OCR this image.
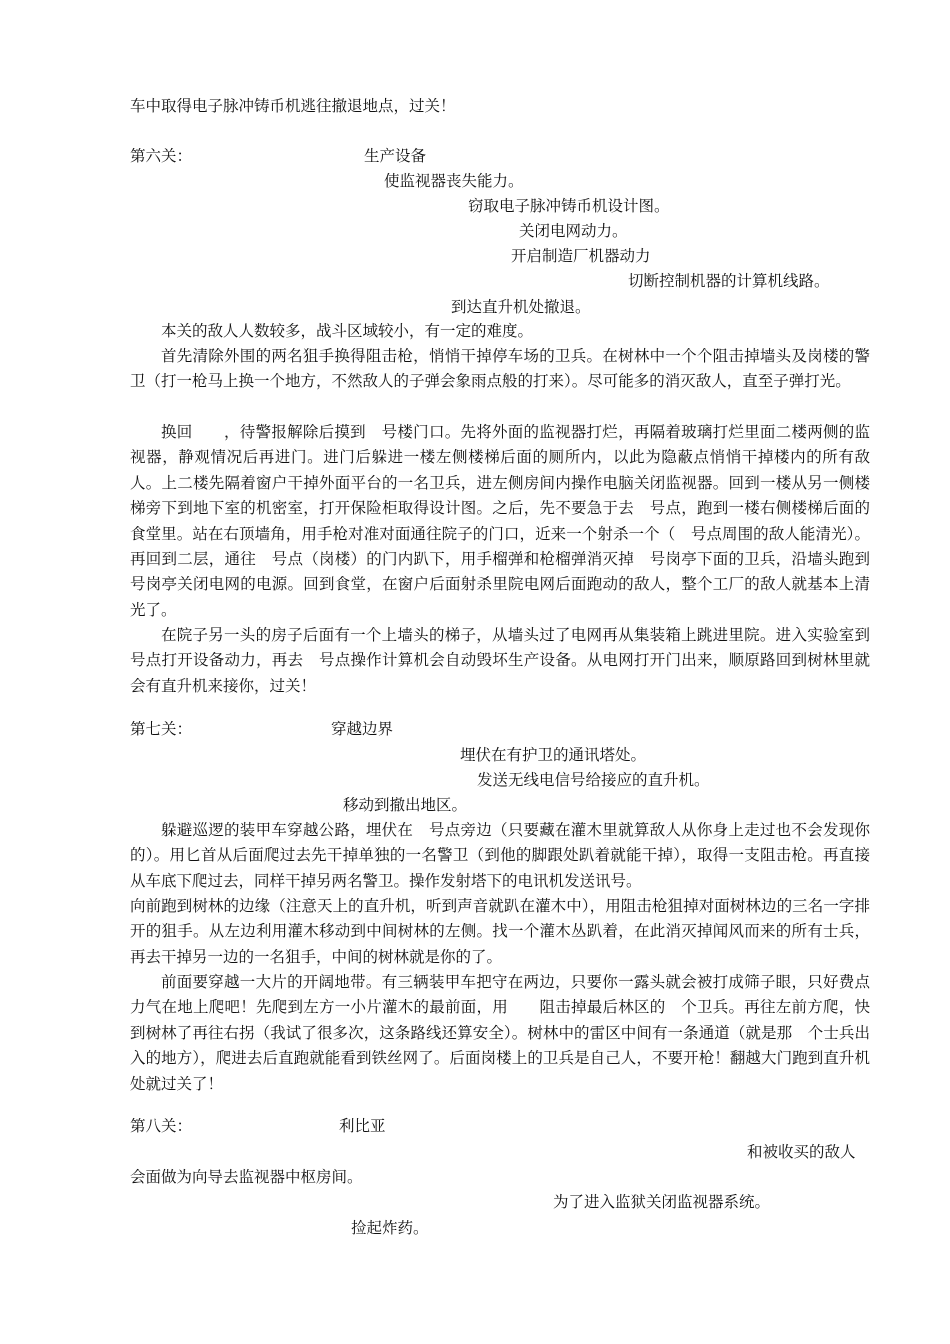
车中取得电子脉冲铸币机逃往撤退地点，过关！
第六关：	生产设备
使监视器丧失能力。
窃取电子脉冲铸币机设计图。
关闭电网动力。
开启制造厂机器动力
切断控制机器的计算机线路。
到达直升机处撤退。
本关的敌人人数较多，战斗区域较小，有一定的难度。
首先清除外围的两名狙手换得阻击枪，悄悄干掉停车场的卫兵。在树林中一个个阻击掉墙头及岗楼的警卫（打一枪马上换一个地方，不然敌人的子弹会象雨点般的打来）。尽可能多的消灭敌人，直至子弹打光。
换回　　，待警报解除后摸到　号楼门口。先将外面的监视器打烂，再隔着玻璃打烂里面二楼两侧的监视器，静观情况后再进门。进门后躲进一楼左侧楼梯后面的厕所内，以此为隐蔽点悄悄干掉楼内的所有敌人。上二楼先隔着窗户干掉外面平台的一名卫兵，进左侧房间内操作电脑关闭监视器。回到一楼从另一侧楼梯旁下到地下室的机密室，打开保险柜取得设计图。之后，先不要急于去　号点，跑到一楼右侧楼梯后面的食堂里。站在右顶墙角，用手枪对准对面通往院子的门口，近来一个射杀一个（　号点周围的敌人能清光）。再回到二层，通往　号点（岗楼）的门内趴下，用手榴弹和枪榴弹消灭掉　号岗亭下面的卫兵，沿墙头跑到　号岗亭关闭电网的电源。回到食堂，在窗户后面射杀里院电网后面跑动的敌人，整个工厂的敌人就基本上清光了。
在院子另一头的房子后面有一个上墙头的梯子，从墙头过了电网再从集装箱上跳进里院。进入实验室到　号点打开设备动力，再去　号点操作计算机会自动毁坏生产设备。从电网打开门出来，顺原路回到树林里就会有直升机来接你，过关！
第七关：	穿越边界
埋伏在有护卫的通讯塔处。
发送无线电信号给接应的直升机。
移动到撤出地区。
躲避巡逻的装甲车穿越公路，埋伏在　号点旁边（只要藏在灌木里就算敌人从你身上走过也不会发现你的）。用匕首从后面爬过去先干掉单独的一名警卫（到他的脚跟处趴着就能干掉），取得一支阻击枪。再直接从车底下爬过去，同样干掉另两名警卫。操作发射塔下的电讯机发送讯号。
向前跑到树林的边缘（注意天上的直升机，听到声音就趴在灌木中），用阻击枪狙掉对面树林边的三名一字排开的狙手。从左边利用灌木移动到中间树林的左侧。找一个灌木丛趴着，在此消灭掉闻风而来的所有士兵，再去干掉另一边的一名狙手，中间的树林就是你的了。
前面要穿越一大片的开阔地带。有三辆装甲车把守在两边，只要你一露头就会被打成筛子眼，只好费点力气在地上爬吧！先爬到左方一小片灌木的最前面，用　　阻击掉最后林区的　个卫兵。再往左前方爬，快到树林了再往右拐（我试了很多次，这条路线还算安全）。树林中的雷区中间有一条通道（就是那　个士兵出入的地方），爬进去后直跑就能看到铁丝网了。后面岗楼上的卫兵是自己人，不要开枪！翻越大门跑到直升机处就过关了！
第八关：	利比亚
和被收买的敌人
会面做为向导去监视器中枢房间。
为了进入监狱关闭监视器系统。
捡起炸药。
